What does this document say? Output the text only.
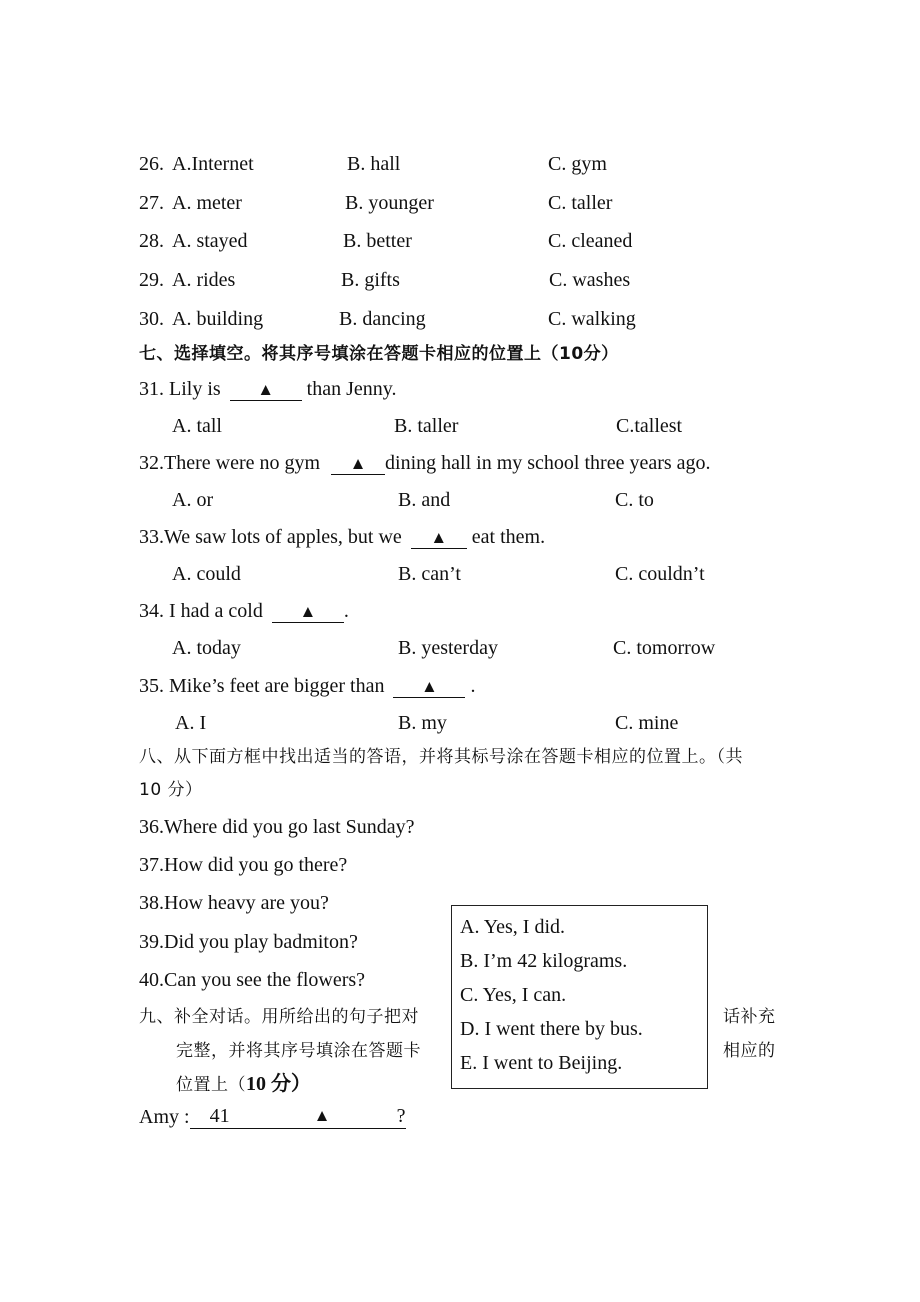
26. A.Internet	B. hall	C. gym
27. A. meter	B. younger	C. taller
28. A. stayed	B. better	C. cleaned
29. A. rides	B. gifts	C. washes
30. A. building	B. dancing	C. walking
七、选择填空。将其序号填涂在答题卡相应的位置上（10分）
31. Lily is ▲ than Jenny.
A. tall	B. taller	C.tallest
32.There were no gym ▲ dining hall in my school three years ago.
A. or	B. and	C. to
33.We saw lots of apples, but we ▲ eat them.
A. could	B. can’t	C. couldn’t
34. I had a cold ▲ .
A. today	B. yesterday	C. tomorrow
35. Mike’s feet are bigger than ▲ .
A. I	B. my	C. mine
八、从下面方框中找出适当的答语，并将其标号涂在答题卡相应的位置上。（共
10 分）
36.Where did you go last Sunday?
37.How did you go there?
38.How heavy are you?
39.Did you play badmiton?
40.Can you see the flowers?
A. Yes, I did.
B. I’m 42 kilograms.
C. Yes, I can.
D. I went there by bus.
E. I went to Beijing.
九、补全对话。用所给出的句子把对	话补充
完整，并将其序号填涂在答题卡	相应的
位置上（10 分）
Amy : 41	▲	?
